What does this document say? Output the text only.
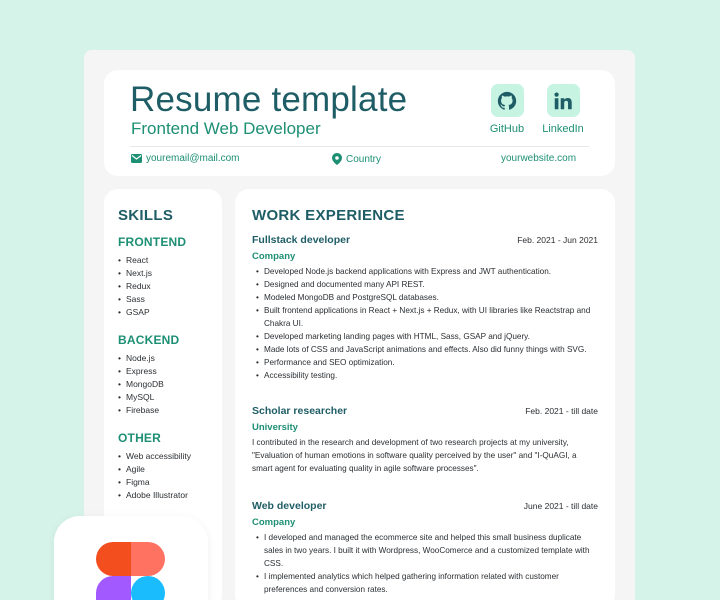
Resume template
Frontend Web Developer	GitHub	LinkedIn
youremail@mail.com	Country	yourwebsite.com
SKILLS
FRONTEND
• React
• Next.js
• Redux
• Sass
• GSAP
BACKEND
• Node.js
• Express
• MongoDB
• MySQL
• Firebase
OTHER
• Web accessibility
• Agile
• Figma
• Adobe Illustrator
WORK EXPERIENCE
Fullstack developer	Feb. 2021 - Jun 2021
Company
• Developed Node.js backend applications with Express and JWT authentication.
• Designed and documented many API REST.
• Modeled MongoDB and PostgreSQL databases.
• Built frontend applications in React + Next.js + Redux, with UI libraries like Reactstrap and Chakra UI.
• Developed marketing landing pages with HTML, Sass, GSAP and jQuery.
• Made lots of CSS and JavaScript animations and effects. Also did funny things with SVG.
• Performance and SEO optimization.
• Accessibility testing.
Scholar researcher	Feb. 2021 - till date
University

I contributed in the research and development of two research projects at my university, "Evaluation of human emotions in software quality perceived by the user" and "I-QuAGI, a smart agent for evaluating quality in agile software processes".

Web developer	June 2021 - till date
Company
• I developed and managed the ecommerce site and helped this small business duplicate sales in two years. I built it with Wordpress, WooComerce and a customized template with CSS.
• I implemented analytics which helped gathering information related with customer preferences and conversion rates.
